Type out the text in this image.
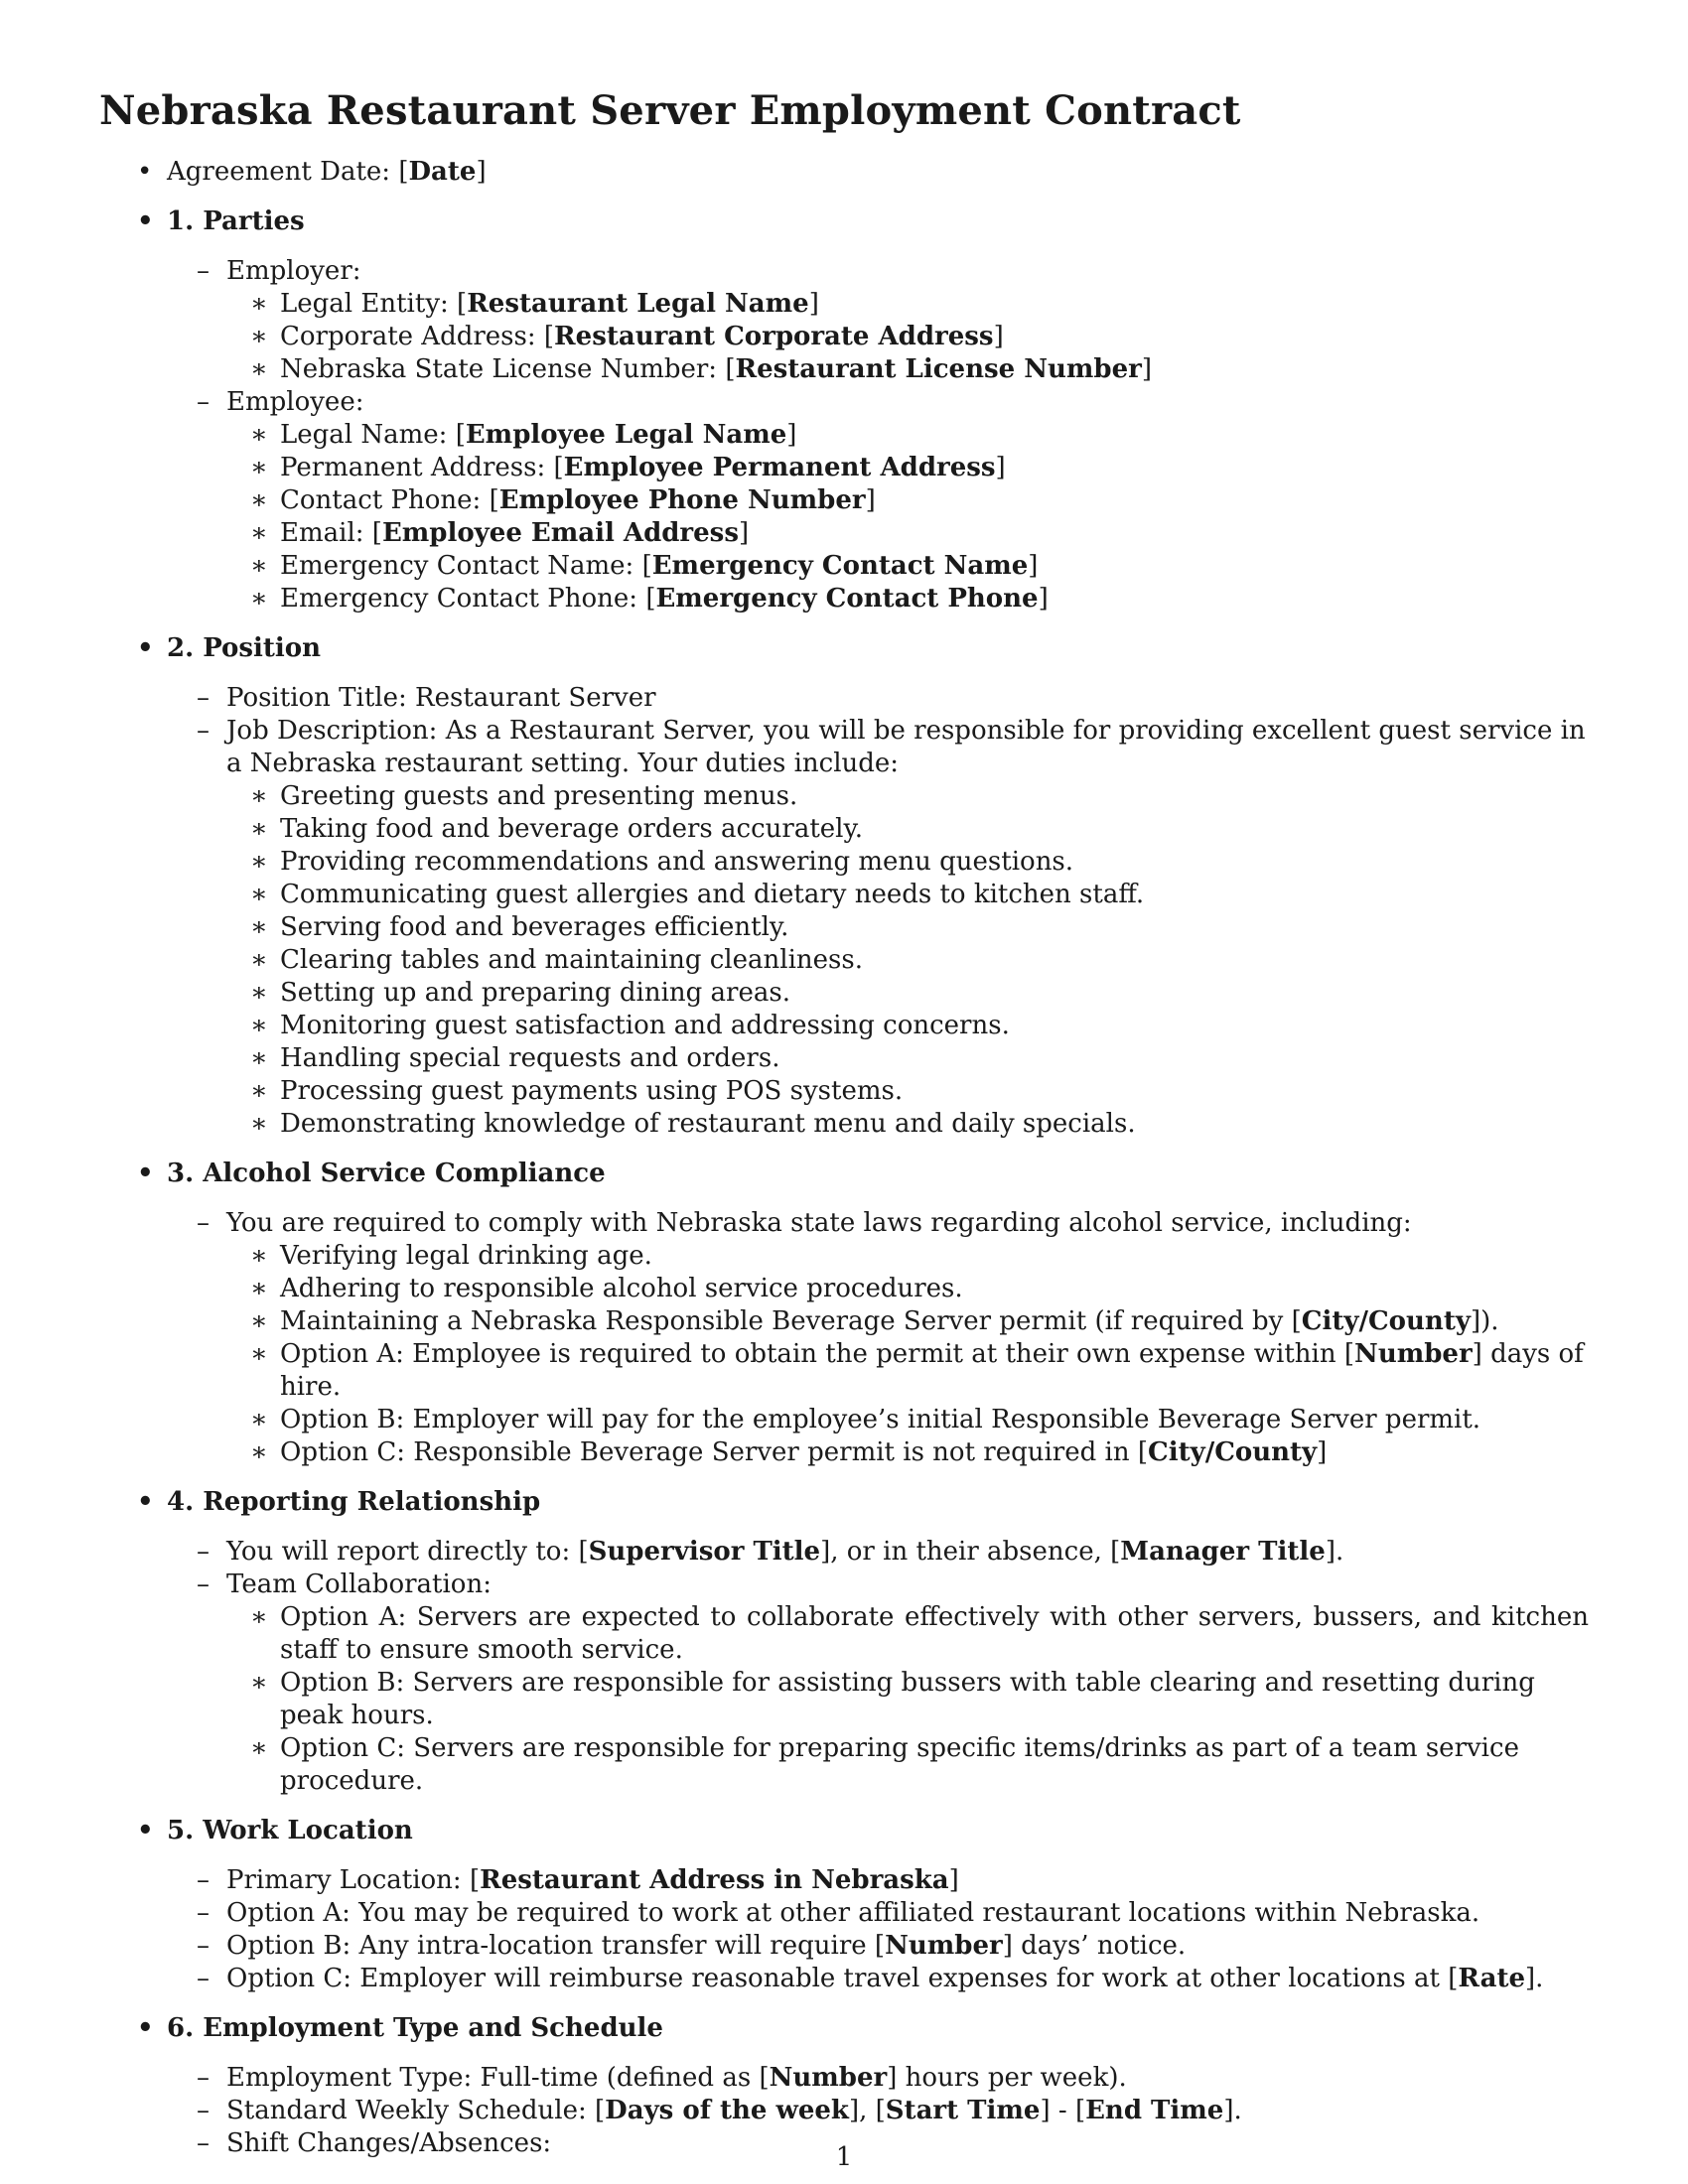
Nebraska Restaurant Server Employment Contract
• Agreement Date: [Date]
• 1. Parties
– Employer:
∗ Legal Entity: [Restaurant Legal Name]
∗ Corporate Address: [Restaurant Corporate Address]
∗ Nebraska State License Number: [Restaurant License Number]
– Employee:
∗ Legal Name: [Employee Legal Name]
∗ Permanent Address: [Employee Permanent Address]
∗ Contact Phone: [Employee Phone Number]
∗ Email: [Employee Email Address]
∗ Emergency Contact Name: [Emergency Contact Name]
∗ Emergency Contact Phone: [Emergency Contact Phone]
• 2. Position
– Position Title: Restaurant Server
– Job Description: As a Restaurant Server, you will be responsible for providing excellent guest service in a Nebraska restaurant setting. Your duties include:
∗ Greeting guests and presenting menus.
∗ Taking food and beverage orders accurately.
∗ Providing recommendations and answering menu questions.
∗ Communicating guest allergies and dietary needs to kitchen staff.
∗ Serving food and beverages efficiently.
∗ Clearing tables and maintaining cleanliness.
∗ Setting up and preparing dining areas.
∗ Monitoring guest satisfaction and addressing concerns.
∗ Handling special requests and orders.
∗ Processing guest payments using POS systems.
∗ Demonstrating knowledge of restaurant menu and daily specials.
• 3. Alcohol Service Compliance
– You are required to comply with Nebraska state laws regarding alcohol service, including:
∗ Verifying legal drinking age.
∗ Adhering to responsible alcohol service procedures.
∗ Maintaining a Nebraska Responsible Beverage Server permit (if required by [City/County]).
∗ Option A: Employee is required to obtain the permit at their own expense within [Number] days of hire.
∗ Option B: Employer will pay for the employee’s initial Responsible Beverage Server permit.
∗ Option C: Responsible Beverage Server permit is not required in [City/County]
• 4. Reporting Relationship
– You will report directly to: [Supervisor Title], or in their absence, [Manager Title].
– Team Collaboration:
∗ Option A: Servers are expected to collaborate effectively with other servers, bussers, and kitchen staff to ensure smooth service.
∗ Option B: Servers are responsible for assisting bussers with table clearing and resetting during peak hours.
∗ Option C: Servers are responsible for preparing specific items/drinks as part of a team service procedure.
• 5. Work Location
– Primary Location: [Restaurant Address in Nebraska]
– Option A: You may be required to work at other affiliated restaurant locations within Nebraska.
– Option B: Any intra-location transfer will require [Number] days’ notice.
– Option C: Employer will reimburse reasonable travel expenses for work at other locations at [Rate].
• 6. Employment Type and Schedule
– Employment Type: Full-time (defined as [Number] hours per week).
– Standard Weekly Schedule: [Days of the week], [Start Time] - [End Time].
– Shift Changes/Absences:	1
